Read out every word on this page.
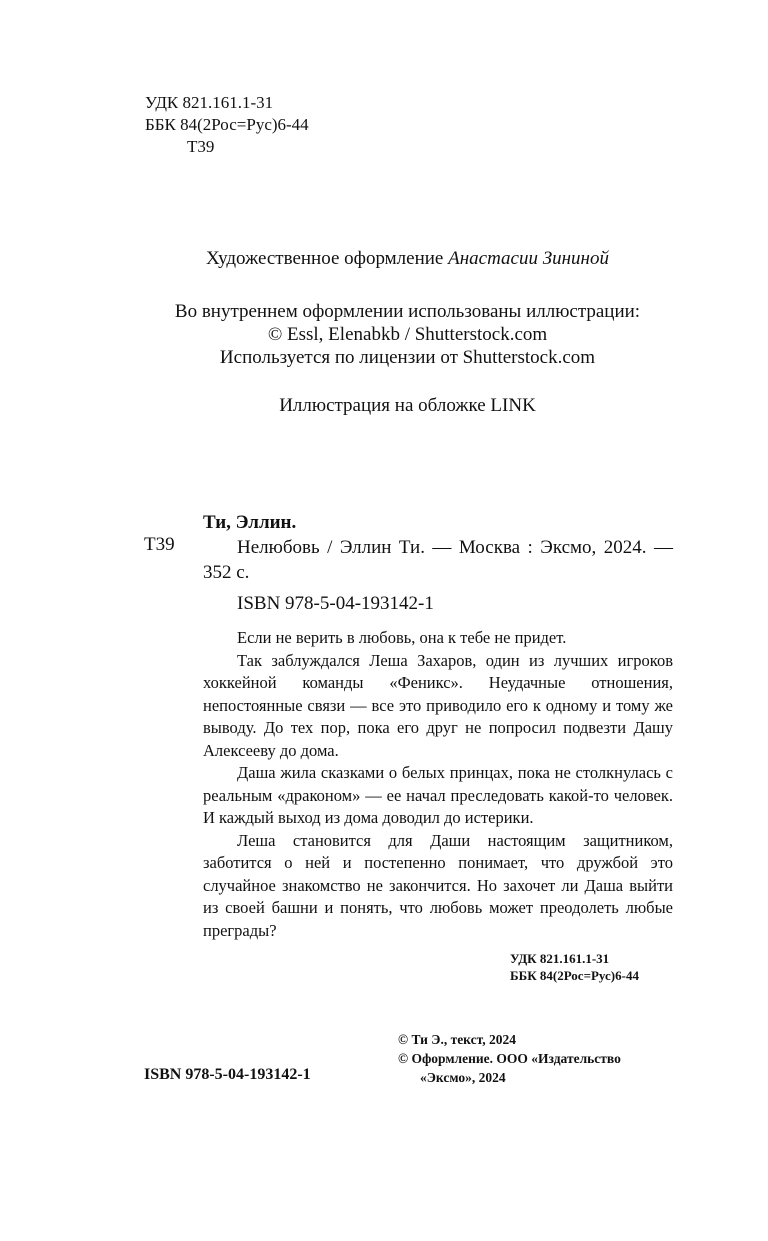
УДК 821.161.1-31
ББК 84(2Рос=Рус)6-44
Т39
Художественное оформление Анастасии Зининой
Во внутреннем оформлении использованы иллюстрации:
© Essl, Elenabkb / Shutterstock.com
Используется по лицензии от Shutterstock.com
Иллюстрация на обложке LINK
Т39
Ти, Эллин.
Нелюбовь / Эллин Ти. — Москва : Эксмо, 2024. — 352 с.
ISBN 978-5-04-193142-1

Если не верить в любовь, она к тебе не придет.

Так заблуждался Леша Захаров, один из лучших игроков хоккейной команды «Феникс». Неудачные отношения, непостоянные связи — все это приводило его к одному и тому же выводу. До тех пор, пока его друг не попросил подвезти Дашу Алексееву до дома.

Даша жила сказками о белых принцах, пока не столкнулась с реальным «драконом» — ее начал преследовать какой-то человек. И каждый выход из дома доводил до истерики.

Леша становится для Даши настоящим защитником, заботится о ней и постепенно понимает, что дружбой это случайное знакомство не закончится. Но захочет ли Даша выйти из своей башни и понять, что любовь может преодолеть любые преграды?

УДК 821.161.1-31
ББК 84(2Рос=Рус)6-44
ISBN 978-5-04-193142-1
© Ти Э., текст, 2024
© Оформление. ООО «Издательство
«Эксмо», 2024
